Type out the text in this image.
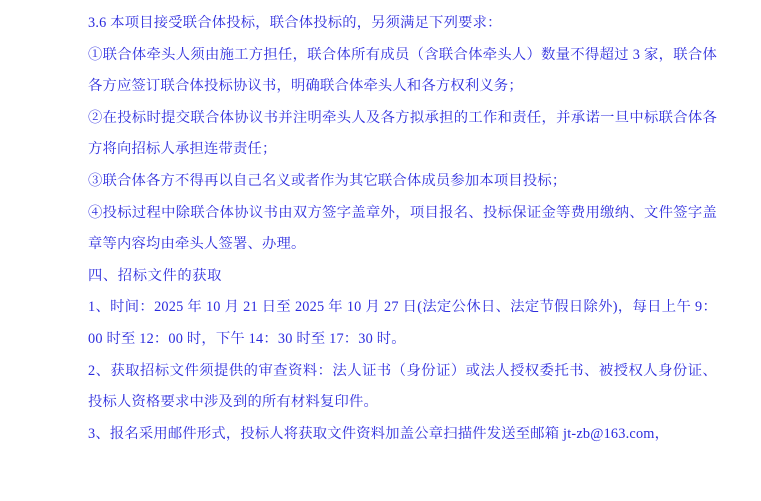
3.6 本项目接受联合体投标，联合体投标的，另须满足下列要求：

①联合体牵头人须由施工方担任，联合体所有成员（含联合体牵头人）数量不得超过 3 家，联合体各方应签订联合体投标协议书，明确联合体牵头人和各方权利义务；

②在投标时提交联合体协议书并注明牵头人及各方拟承担的工作和责任，并承诺一旦中标联合体各方将向招标人承担连带责任；

③联合体各方不得再以自己名义或者作为其它联合体成员参加本项目投标；

④投标过程中除联合体协议书由双方签字盖章外，项目报名、投标保证金等费用缴纳、文件签字盖章等内容均由牵头人签署、办理。

四、招标文件的获取

1、时间：2025 年 10 月 21 日至 2025 年 10 月 27 日(法定公休日、法定节假日除外)，每日上午 9：00 时至 12：00 时，下午 14：30 时至 17：30 时。

2、获取招标文件须提供的审查资料：法人证书（身份证）或法人授权委托书、被授权人身份证、投标人资格要求中涉及到的所有材料复印件。

3、报名采用邮件形式，投标人将获取文件资料加盖公章扫描件发送至邮箱 jt-zb@163.com，
